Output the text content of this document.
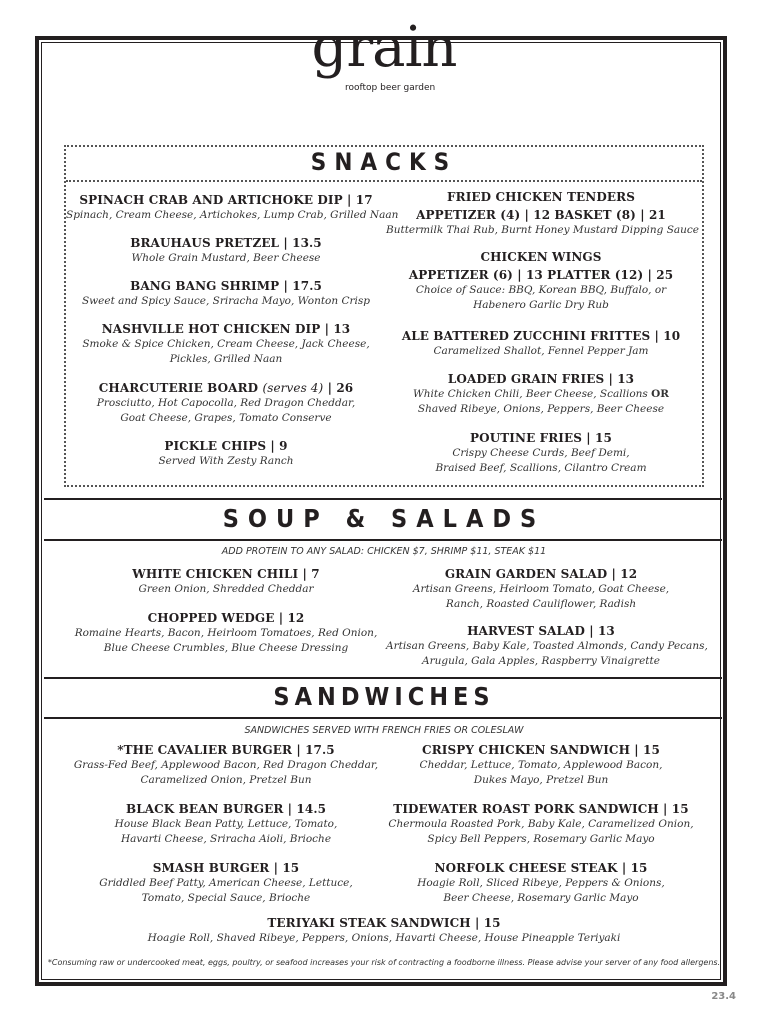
grain
rooftop beer garden
SNACKS
SPINACH CRAB AND ARTICHOKE DIP | 17
Spinach, Cream Cheese, Artichokes, Lump Crab, Grilled Naan
BRAUHAUS PRETZEL | 13.5
Whole Grain Mustard, Beer Cheese
BANG BANG SHRIMP | 17.5
Sweet and Spicy Sauce, Sriracha Mayo, Wonton Crisp
NASHVILLE HOT CHICKEN DIP | 13
Smoke & Spice Chicken, Cream Cheese, Jack Cheese,
Pickles, Grilled Naan
CHARCUTERIE BOARD (serves 4) | 26
Prosciutto, Hot Capocolla, Red Dragon Cheddar,
Goat Cheese, Grapes, Tomato Conserve
PICKLE CHIPS | 9
Served With Zesty Ranch
FRIED CHICKEN TENDERS
APPETIZER (4) | 12 BASKET (8) | 21
Buttermilk Thai Rub, Burnt Honey Mustard Dipping Sauce
CHICKEN WINGS
APPETIZER (6) | 13 PLATTER (12) | 25
Choice of Sauce: BBQ, Korean BBQ, Buffalo, or
Habenero Garlic Dry Rub
ALE BATTERED ZUCCHINI FRITTES | 10
Caramelized Shallot, Fennel Pepper Jam
LOADED GRAIN FRIES | 13
White Chicken Chili, Beer Cheese, Scallions OR
Shaved Ribeye, Onions, Peppers, Beer Cheese
POUTINE FRIES | 15
Crispy Cheese Curds, Beef Demi,
Braised Beef, Scallions, Cilantro Cream
SOUP & SALADS
ADD PROTEIN TO ANY SALAD: CHICKEN $7, SHRIMP $11, STEAK $11
WHITE CHICKEN CHILI | 7
Green Onion, Shredded Cheddar
CHOPPED WEDGE | 12
Romaine Hearts, Bacon, Heirloom Tomatoes, Red Onion,
Blue Cheese Crumbles, Blue Cheese Dressing
GRAIN GARDEN SALAD | 12
Artisan Greens, Heirloom Tomato, Goat Cheese,
Ranch, Roasted Cauliflower, Radish
HARVEST SALAD | 13
Artisan Greens, Baby Kale, Toasted Almonds, Candy Pecans,
Arugula, Gala Apples, Raspberry Vinaigrette
SANDWICHES
SANDWICHES SERVED WITH FRENCH FRIES OR COLESLAW
*THE CAVALIER BURGER | 17.5
Grass-Fed Beef, Applewood Bacon, Red Dragon Cheddar,
Caramelized Onion, Pretzel Bun
BLACK BEAN BURGER | 14.5
House Black Bean Patty, Lettuce, Tomato,
Havarti Cheese, Sriracha Aioli, Brioche
SMASH BURGER | 15
Griddled Beef Patty, American Cheese, Lettuce,
Tomato, Special Sauce, Brioche
CRISPY CHICKEN SANDWICH | 15
Cheddar, Lettuce, Tomato, Applewood Bacon,
Dukes Mayo, Pretzel Bun
TIDEWATER ROAST PORK SANDWICH | 15
Chermoula Roasted Pork, Baby Kale, Caramelized Onion,
Spicy Bell Peppers, Rosemary Garlic Mayo
NORFOLK CHEESE STEAK | 15
Hoagie Roll, Sliced Ribeye, Peppers & Onions,
Beer Cheese, Rosemary Garlic Mayo
TERIYAKI STEAK SANDWICH | 15
Hoagie Roll, Shaved Ribeye, Peppers, Onions, Havarti Cheese, House Pineapple Teriyaki
*Consuming raw or undercooked meat, eggs, poultry, or seafood increases your risk of contracting a foodborne illness. Please advise your server of any food allergens.
23.4
